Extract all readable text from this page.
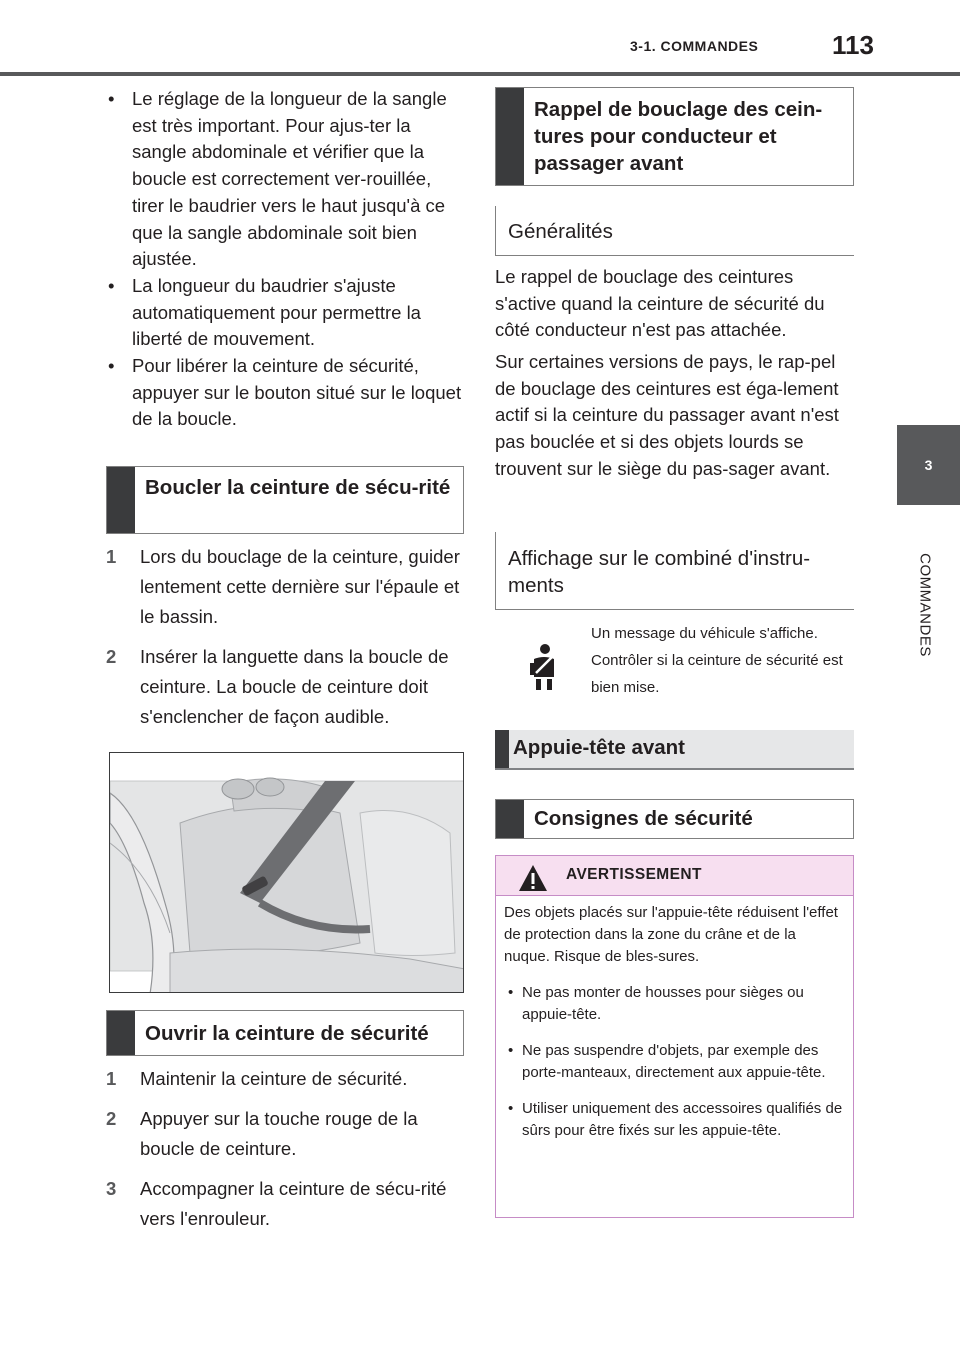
3-1. COMMANDES	113
3
COMMANDES
• Le réglage de la longueur de la sangle est très important. Pour ajus-ter la sangle abdominale et vérifier que la boucle est correctement ver-rouillée, tirer le baudrier vers le haut jusqu'à ce que la sangle abdominale soit bien ajustée.
• La longueur du baudrier s'ajuste automatiquement pour permettre la liberté de mouvement.
• Pour libérer la ceinture de sécurité, appuyer sur le bouton situé sur le loquet de la boucle.
Boucler la ceinture de sécu-rité
1 Lors du bouclage de la ceinture, guider lentement cette dernière sur l'épaule et le bassin.
2 Insérer la languette dans la boucle de ceinture. La boucle de ceinture doit s'enclencher de façon audible.
Ouvrir la ceinture de sécurité
1 Maintenir la ceinture de sécurité.
2 Appuyer sur la touche rouge de la boucle de ceinture.
3 Accompagner la ceinture de sécu-rité vers l'enrouleur.
Rappel de bouclage des cein-tures pour conducteur et passager avant
Généralités
Le rappel de bouclage des ceintures s'active quand la ceinture de sécurité du côté conducteur n'est pas attachée.
Sur certaines versions de pays, le rap-pel de bouclage des ceintures est éga-lement actif si la ceinture du passager avant n'est pas bouclée et si des objets lourds se trouvent sur le siège du pas-sager avant.
Affichage sur le combiné d'instru-ments
Un message du véhicule s'affiche. Contrôler si la ceinture de sécurité est bien mise.
Appuie-tête avant
Consignes de sécurité
AVERTISSEMENT

Des objets placés sur l'appuie-tête réduisent l'effet de protection dans la zone du crâne et de la nuque. Risque de bles-sures.

• Ne pas monter de housses pour sièges ou appuie-tête.
• Ne pas suspendre d'objets, par exemple des porte-manteaux, directement aux appuie-tête.
• Utiliser uniquement des accessoires qualifiés de sûrs pour être fixés sur les appuie-tête.
